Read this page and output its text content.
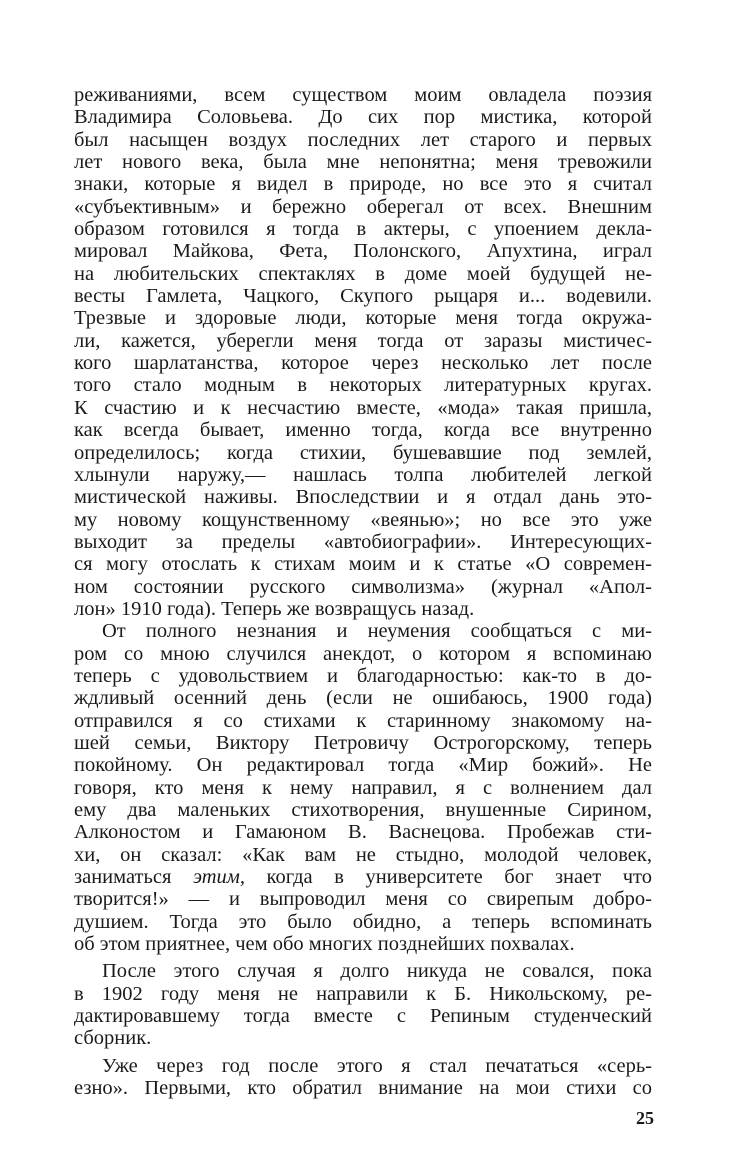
реживаниями, всем существом моим овладела поэзия
Владимира Соловьева. До сих пор мистика, которой
был насыщен воздух последних лет старого и первых
лет нового века, была мне непонятна; меня тревожили
знаки, которые я видел в природе, но все это я считал
«субъективным» и бережно оберегал от всех. Внешним
образом готовился я тогда в актеры, с упоением декла-
мировал Майкова, Фета, Полонского, Апухтина, играл
на любительских спектаклях в доме моей будущей не-
весты Гамлета, Чацкого, Скупого рыцаря и... водевили.
Трезвые и здоровые люди, которые меня тогда окружа-
ли, кажется, уберегли меня тогда от заразы мистичес-
кого шарлатанства, которое через несколько лет после
того стало модным в некоторых литературных кругах.
К счастию и к несчастию вместе, «мода» такая пришла,
как всегда бывает, именно тогда, когда все внутренно
определилось; когда стихии, бушевавшие под землей,
хлынули наружу,— нашлась толпа любителей легкой
мистической наживы. Впоследствии и я отдал дань это-
му новому кощунственному «веянью»; но все это уже
выходит за пределы «автобиографии». Интересующих-
ся могу отослать к стихам моим и к статье «О современ-
ном состоянии русского символизма» (журнал «Апол-
лон» 1910 года). Теперь же возвращусь назад.
От полного незнания и неумения сообщаться с ми-
ром со мною случился анекдот, о котором я вспоминаю
теперь с удовольствием и благодарностью: как-то в до-
ждливый осенний день (если не ошибаюсь, 1900 года)
отправился я со стихами к старинному знакомому на-
шей семьи, Виктору Петровичу Острогорскому, теперь
покойному. Он редактировал тогда «Мир божий». Не
говоря, кто меня к нему направил, я с волнением дал
ему два маленьких стихотворения, внушенные Сирином,
Алконостом и Гамаюном В. Васнецова. Пробежав сти-
хи, он сказал: «Как вам не стыдно, молодой человек,
заниматься этим, когда в университете бог знает что
творится!» — и выпроводил меня со свирепым добро-
душием. Тогда это было обидно, а теперь вспоминать
об этом приятнее, чем обо многих позднейших похвалах.
После этого случая я долго никуда не совался, пока
в 1902 году меня не направили к Б. Никольскому, ре-
дактировавшему тогда вместе с Репиным студенческий
сборник.
Уже через год после этого я стал печататься «серь-
езно». Первыми, кто обратил внимание на мои стихи со
25
